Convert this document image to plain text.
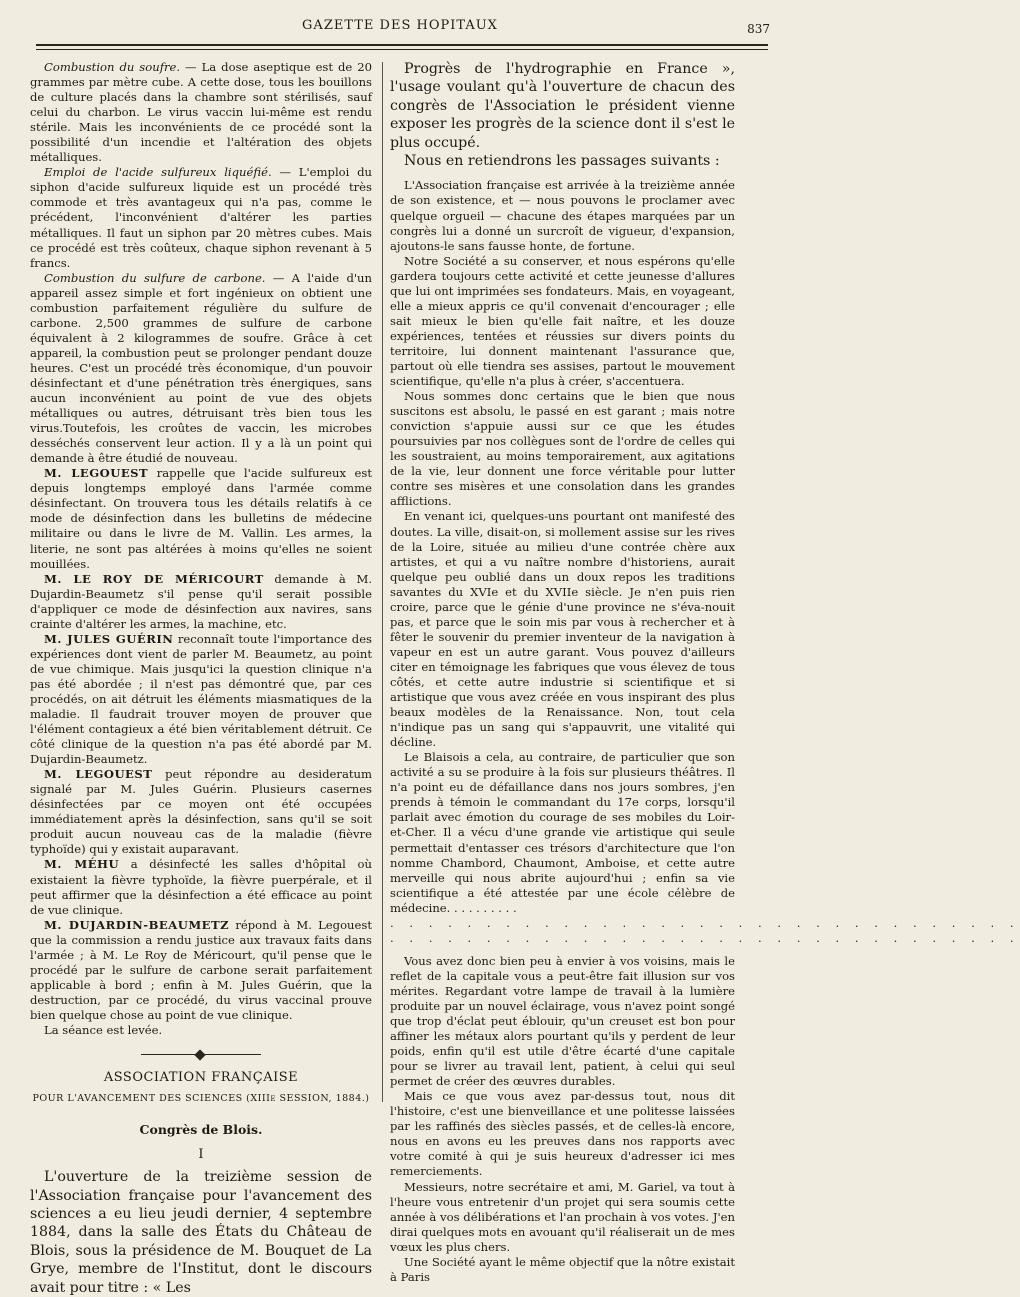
GAZETTE DES HOPITAUX	837

Combustion du soufre. — La dose aseptique est de 20 grammes par mètre cube. A cette dose, tous les bouillons de culture placés dans la chambre sont stérilisés, sauf celui du charbon. Le virus vaccin lui-même est rendu stérile. Mais les inconvénients de ce procédé sont la possibilité d'un incendie et l'altération des objets métalliques.

Emploi de l'acide sulfureux liquéfié. — L'emploi du siphon d'acide sulfureux liquide est un procédé très commode et très avantageux qui n'a pas, comme le précédent, l'inconvénient d'altérer les parties métalliques. Il faut un siphon par 20 mètres cubes. Mais ce procédé est très coûteux, chaque siphon revenant à 5 francs.

Combustion du sulfure de carbone. — A l'aide d'un appareil assez simple et fort ingénieux on obtient une combustion parfaitement régulière du sulfure de carbone. 2,500 grammes de sulfure de carbone équivalent à 2 kilogrammes de soufre. Grâce à cet appareil, la combustion peut se prolonger pendant douze heures. C'est un procédé très économique, d'un pouvoir désinfectant et d'une pénétration très énergiques, sans aucun inconvénient au point de vue des objets métalliques ou autres, détruisant très bien tous les virus.Toutefois, les croûtes de vaccin, les microbes desséchés conservent leur action. Il y a là un point qui demande à être étudié de nouveau.

M. LEGOUEST rappelle que l'acide sulfureux est depuis longtemps employé dans l'armée comme désinfectant. On trouvera tous les détails relatifs à ce mode de désinfection dans les bulletins de médecine militaire ou dans le livre de M. Vallin. Les armes, la literie, ne sont pas altérées à moins qu'elles ne soient mouillées.

M. LE ROY DE MÉRICOURT demande à M. Dujardin-Beaumetz s'il pense qu'il serait possible d'appliquer ce mode de désinfection aux navires, sans crainte d'altérer les armes, la machine, etc.

M. JULES GUÉRIN reconnaît toute l'importance des expériences dont vient de parler M. Beaumetz, au point de vue chimique. Mais jusqu'ici la question clinique n'a pas été abordée ; il n'est pas démontré que, par ces procédés, on ait détruit les éléments miasmatiques de la maladie. Il faudrait trouver moyen de prouver que l'élément contagieux a été bien véritablement détruit. Ce côté clinique de la question n'a pas été abordé par M. Dujardin-Beaumetz.

M. LEGOUEST peut répondre au desideratum signalé par M. Jules Guérin. Plusieurs casernes désinfectées par ce moyen ont été occupées immédiatement après la désinfection, sans qu'il se soit produit aucun nouveau cas de la maladie (fièvre typhoïde) qui y existait auparavant.

M. MÉHU a désinfecté les salles d'hôpital où existaient la fièvre typhoïde, la fièvre puerpérale, et il peut affirmer que la désinfection a été efficace au point de vue clinique.

M. DUJARDIN-BEAUMETZ répond à M. Legouest que la commission a rendu justice aux travaux faits dans l'armée ; à M. Le Roy de Méricourt, qu'il pense que le procédé par le sulfure de carbone serait parfaitement applicable à bord ; enfin à M. Jules Guérin, que la destruction, par ce procédé, du virus vaccinal prouve bien quelque chose au point de vue clinique.

La séance est levée.

ASSOCIATION FRANÇAISE
POUR L'AVANCEMENT DES SCIENCES (XIIIe SESSION, 1884.)
Congrès de Blois.
I

L'ouverture de la treizième session de l'Association française pour l'avancement des sciences a eu lieu jeudi dernier, 4 septembre 1884, dans la salle des États du Château de Blois, sous la présidence de M. Bouquet de La Grye, membre de l'Institut, dont le discours avait pour titre : « Les

Progrès de l'hydrographie en France », l'usage voulant qu'à l'ouverture de chacun des congrès de l'Association le président vienne exposer les progrès de la science dont il s'est le plus occupé.

Nous en retiendrons les passages suivants :

L'Association française est arrivée à la treizième année de son existence, et — nous pouvons le proclamer avec quelque orgueil — chacune des étapes marquées par un congrès lui a donné un surcroît de vigueur, d'expansion, ajoutons-le sans fausse honte, de fortune.

Notre Société a su conserver, et nous espérons qu'elle gardera toujours cette activité et cette jeunesse d'allures que lui ont imprimées ses fondateurs. Mais, en voyageant, elle a mieux appris ce qu'il convenait d'encourager ; elle sait mieux le bien qu'elle fait naître, et les douze expériences, tentées et réussies sur divers points du territoire, lui donnent maintenant l'assurance que, partout où elle tiendra ses assises, partout le mouvement scientifique, qu'elle n'a plus à créer, s'accentuera.

Nous sommes donc certains que le bien que nous suscitons est absolu, le passé en est garant ; mais notre conviction s'appuie aussi sur ce que les études poursuivies par nos collègues sont de l'ordre de celles qui les soustraient, au moins temporairement, aux agitations de la vie, leur donnent une force véritable pour lutter contre ses misères et une consolation dans les grandes afflictions.

En venant ici, quelques-uns pourtant ont manifesté des doutes. La ville, disait-on, si mollement assise sur les rives de la Loire, située au milieu d'une contrée chère aux artistes, et qui a vu naître nombre d'historiens, aurait quelque peu oublié dans un doux repos les traditions savantes du XVIe et du XVIIe siècle. Je n'en puis rien croire, parce que le génie d'une province ne s'éva-nouit pas, et parce que le soin mis par vous à rechercher et à fêter le souvenir du premier inventeur de la navigation à vapeur en est un autre garant. Vous pouvez d'ailleurs citer en témoignage les fabriques que vous élevez de tous côtés, et cette autre industrie si scientifique et si artistique que vous avez créée en vous inspirant des plus beaux modèles de la Renaissance. Non, tout cela n'indique pas un sang qui s'appauvrit, une vitalité qui décline.

Le Blaisois a cela, au contraire, de particulier que son activité a su se produire à la fois sur plusieurs théâtres. Il n'a point eu de défaillance dans nos jours sombres, j'en prends à témoin le commandant du 17e corps, lorsqu'il parlait avec émotion du courage de ses mobiles du Loir-et-Cher. Il a vécu d'une grande vie artistique qui seule permettait d'entasser ces trésors d'architecture que l'on nomme Chambord, Chaumont, Amboise, et cette autre merveille qui nous abrite aujourd'hui ; enfin sa vie scientifique a été attestée par une école célèbre de médecine. . . . . . . . . .

. . . . . . . . . . . . . . . . . . . . . . . . . . . . . . . . .

. . . . . . . . . . . . . . . . . . . . . . . . . . . . . . . . .

Vous avez donc bien peu à envier à vos voisins, mais le reflet de la capitale vous a peut-être fait illusion sur vos mérites. Regardant votre lampe de travail à la lumière produite par un nouvel éclairage, vous n'avez point songé que trop d'éclat peut éblouir, qu'un creuset est bon pour affiner les métaux alors pourtant qu'ils y perdent de leur poids, enfin qu'il est utile d'être écarté d'une capitale pour se livrer au travail lent, patient, à celui qui seul permet de créer des œuvres durables.

Mais ce que vous avez par-dessus tout, nous dit l'histoire, c'est une bienveillance et une politesse laissées par les raffinés des siècles passés, et de celles-là encore, nous en avons eu les preuves dans nos rapports avec votre comité à qui je suis heureux d'adresser ici mes remerciements.

Messieurs, notre secrétaire et ami, M. Gariel, va tout à l'heure vous entretenir d'un projet qui sera soumis cette année à vos délibérations et l'an prochain à vos votes. J'en dirai quelques mots en avouant qu'il réaliserait un de mes vœux les plus chers.

Une Société ayant le même objectif que la nôtre existait à Paris
